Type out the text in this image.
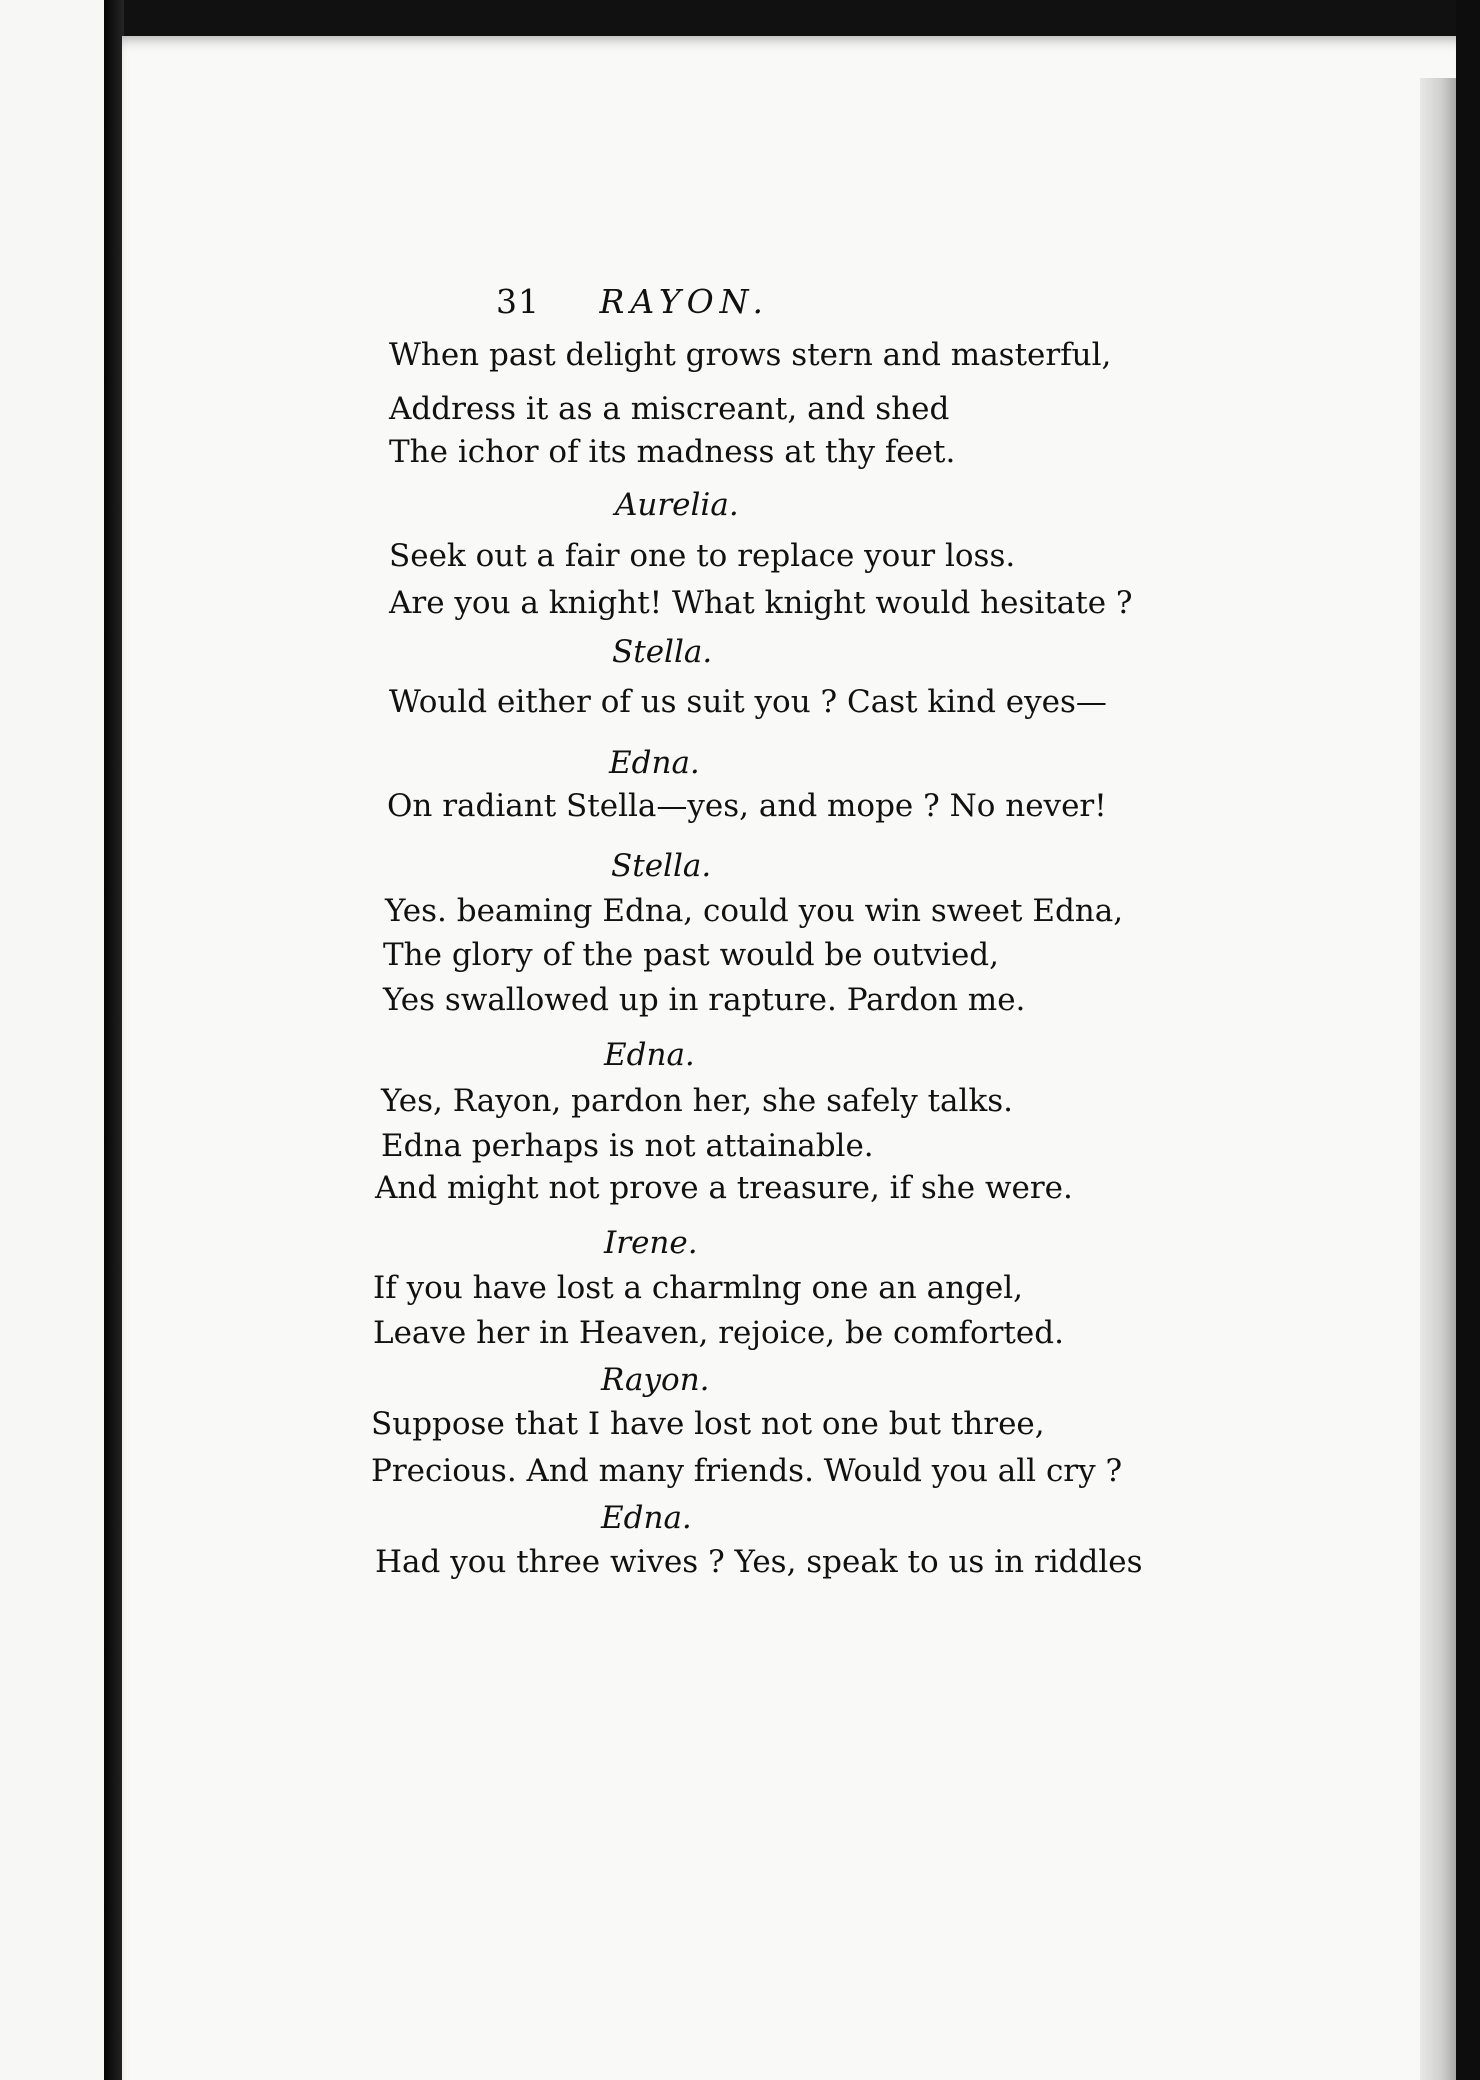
31 RAYON.
When past delight grows stern and masterful,
Address it as a miscreant, and shed
The ichor of its madness at thy feet.
Aurelia.
Seek out a fair one to replace your loss.
Are you a knight! What knight would hesitate ?
Stella.
Would either of us suit you ? Cast kind eyes—
Edna.
On radiant Stella—yes, and mope ? No never!
Stella.
Yes. beaming Edna, could you win sweet Edna,
The glory of the past would be outvied,
Yes swallowed up in rapture. Pardon me.
Edna.
Yes, Rayon, pardon her, she safely talks.
Edna perhaps is not attainable.
And might not prove a treasure, if she were.
Irene.
If you have lost a charmlng one an angel,
Leave her in Heaven, rejoice, be comforted.
Rayon.
Suppose that I have lost not one but three,
Precious. And many friends. Would you all cry ?
Edna.
Had you three wives ? Yes, speak to us in riddles
